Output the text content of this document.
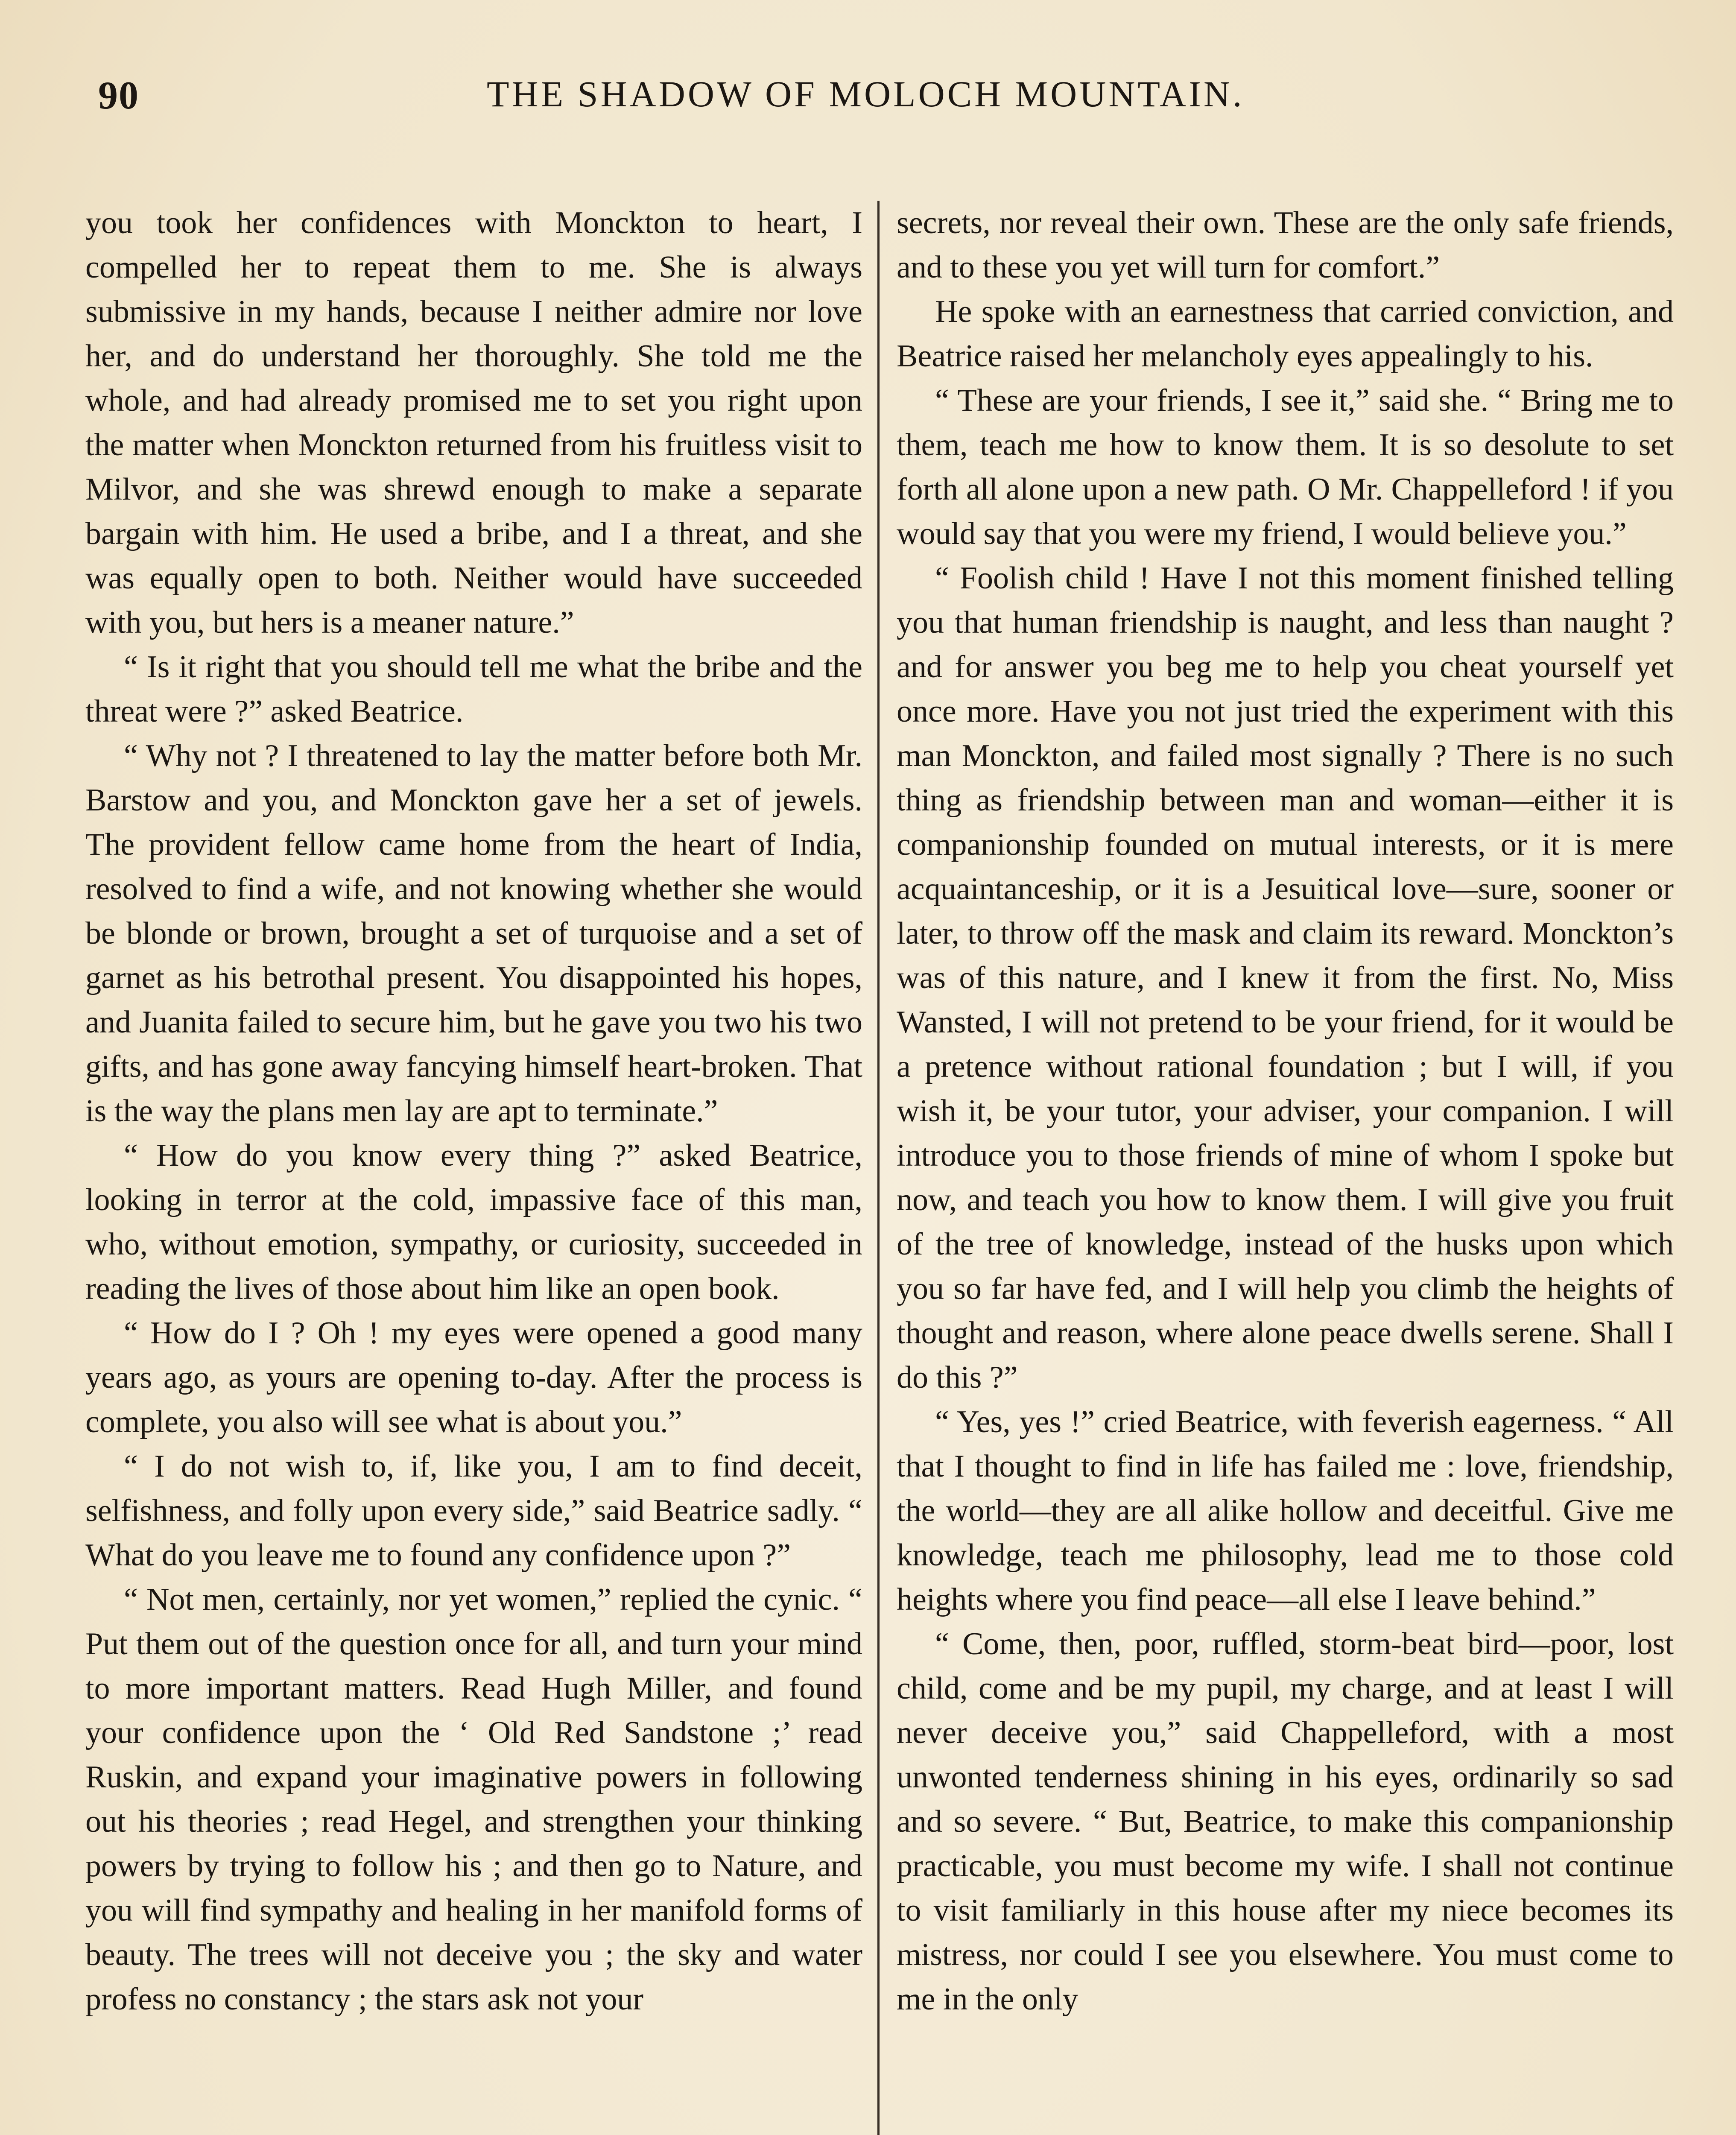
90	THE SHADOW OF MOLOCH MOUNTAIN.

you took her confidences with Monckton to heart, I compelled her to repeat them to me. She is always submissive in my hands, because I neither admire nor love her, and do understand her thoroughly. She told me the whole, and had already promised me to set you right upon the matter when Monckton returned from his fruitless visit to Milvor, and she was shrewd enough to make a separate bargain with him. He used a bribe, and I a threat, and she was equally open to both. Neither would have succeeded with you, but hers is a meaner nature.”

“ Is it right that you should tell me what the bribe and the threat were ?” asked Beatrice.

“ Why not ? I threatened to lay the matter before both Mr. Barstow and you, and Monckton gave her a set of jewels. The provident fellow came home from the heart of India, resolved to find a wife, and not knowing whether she would be blonde or brown, brought a set of turquoise and a set of garnet as his betrothal present. You disappointed his hopes, and Juanita failed to secure him, but he gave you two his two gifts, and has gone away fancying himself heart-broken. That is the way the plans men lay are apt to terminate.”

“ How do you know every thing ?” asked Beatrice, looking in terror at the cold, impassive face of this man, who, without emotion, sympathy, or curiosity, succeeded in reading the lives of those about him like an open book.

“ How do I ? Oh ! my eyes were opened a good many years ago, as yours are opening to-day. After the process is complete, you also will see what is about you.”

“ I do not wish to, if, like you, I am to find deceit, selfishness, and folly upon every side,” said Beatrice sadly. “ What do you leave me to found any confidence upon ?”

“ Not men, certainly, nor yet women,” replied the cynic. “ Put them out of the question once for all, and turn your mind to more important matters. Read Hugh Miller, and found your confidence upon the ‘ Old Red Sandstone ;’ read Ruskin, and expand your imaginative powers in following out his theories ; read Hegel, and strengthen your thinking powers by trying to follow his ; and then go to Nature, and you will find sympathy and healing in her manifold forms of beauty. The trees will not deceive you ; the sky and water profess no constancy ; the stars ask not your

secrets, nor reveal their own. These are the only safe friends, and to these you yet will turn for comfort.”

He spoke with an earnestness that carried conviction, and Beatrice raised her melancholy eyes appealingly to his.

“ These are your friends, I see it,” said she. “ Bring me to them, teach me how to know them. It is so desolute to set forth all alone upon a new path. O Mr. Chappelleford ! if you would say that you were my friend, I would believe you.”

“ Foolish child ! Have I not this moment finished telling you that human friendship is naught, and less than naught ? and for answer you beg me to help you cheat yourself yet once more. Have you not just tried the experiment with this man Monckton, and failed most signally ? There is no such thing as friendship between man and woman—either it is companionship founded on mutual interests, or it is mere acquaintanceship, or it is a Jesuitical love—sure, sooner or later, to throw off the mask and claim its reward. Monckton’s was of this nature, and I knew it from the first. No, Miss Wansted, I will not pretend to be your friend, for it would be a pretence without rational foundation ; but I will, if you wish it, be your tutor, your adviser, your companion. I will introduce you to those friends of mine of whom I spoke but now, and teach you how to know them. I will give you fruit of the tree of knowledge, instead of the husks upon which you so far have fed, and I will help you climb the heights of thought and reason, where alone peace dwells serene. Shall I do this ?”

“ Yes, yes !” cried Beatrice, with feverish eagerness. “ All that I thought to find in life has failed me : love, friendship, the world—they are all alike hollow and deceitful. Give me knowledge, teach me philosophy, lead me to those cold heights where you find peace—all else I leave behind.”

“ Come, then, poor, ruffled, storm-beat bird—poor, lost child, come and be my pupil, my charge, and at least I will never deceive you,” said Chappelleford, with a most unwonted tenderness shining in his eyes, ordinarily so sad and so severe. “ But, Beatrice, to make this companionship practicable, you must become my wife. I shall not continue to visit familiarly in this house after my niece becomes its mistress, nor could I see you elsewhere. You must come to me in the only
